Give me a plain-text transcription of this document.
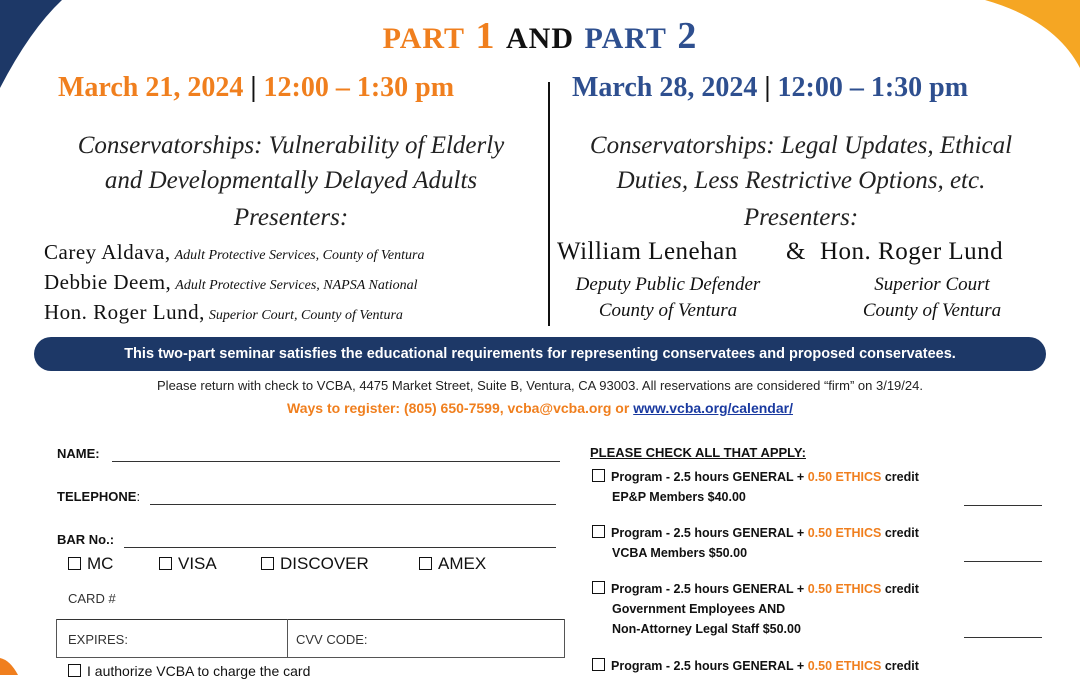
PART 1 AND PART 2
March 21, 2024 | 12:00 – 1:30 pm	March 28, 2024 | 12:00 – 1:30 pm
Conservatorships: Vulnerability of Elderly
and Developmentally Delayed Adults
Presenters:
Carey Aldava, Adult Protective Services, County of Ventura
Debbie Deem, Adult Protective Services, NAPSA National
Hon. Roger Lund, Superior Court, County of Ventura
Conservatorships: Legal Updates, Ethical
Duties, Less Restrictive Options, etc.
Presenters:
William Lenehan & Hon. Roger Lund
Deputy Public Defender
County of Ventura
Superior Court
County of Ventura
This two-part seminar satisfies the educational requirements for representing conservatees and proposed conservatees.
Please return with check to VCBA, 4475 Market Street, Suite B, Ventura, CA 93003. All reservations are considered “firm” on 3/19/24.
Ways to register: (805) 650-7599, vcba@vcba.org or www.vcba.org/calendar/
NAME:
TELEPHONE:
BAR No.:
MC	VISA	DISCOVER	AMEX
CARD #
EXPIRES:	CVV CODE:
I authorize VCBA to charge the card
PLEASE CHECK ALL THAT APPLY:
Program - 2.5 hours GENERAL + 0.50 ETHICS credit
EP&P Members $40.00
Program - 2.5 hours GENERAL + 0.50 ETHICS credit
VCBA Members $50.00
Program - 2.5 hours GENERAL + 0.50 ETHICS credit
Government Employees AND
Non-Attorney Legal Staff $50.00
Program - 2.5 hours GENERAL + 0.50 ETHICS credit
